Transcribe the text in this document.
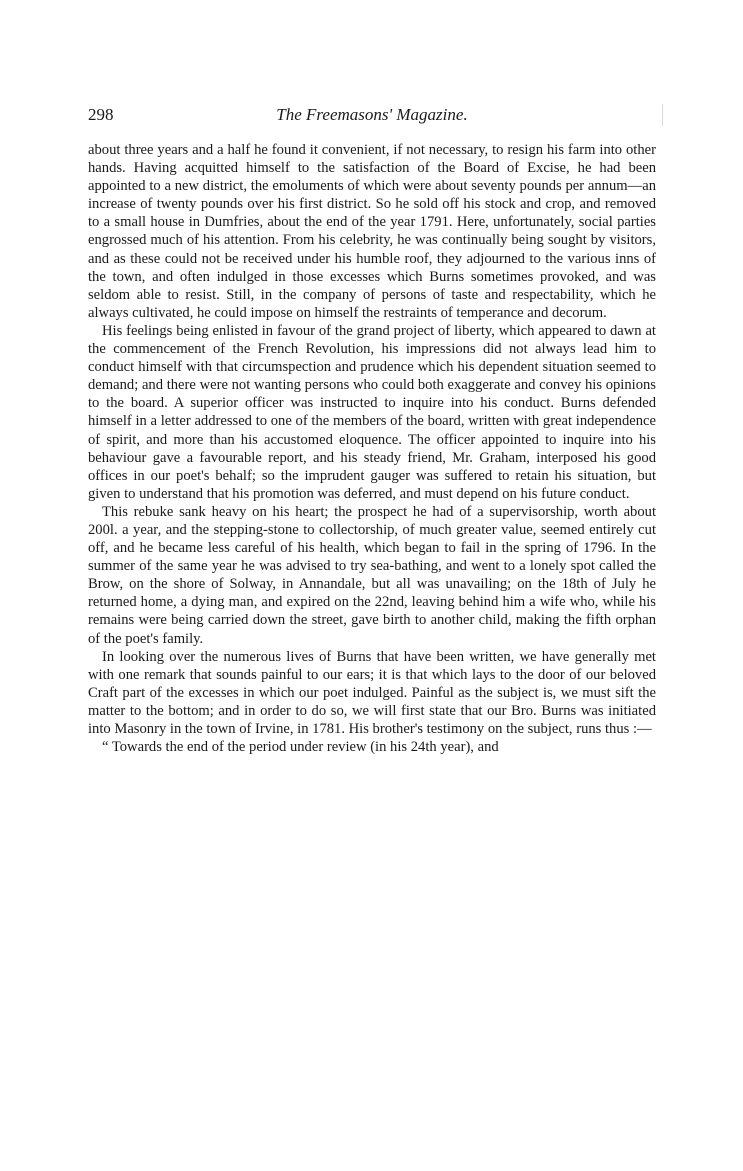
298	The Freemasons' Magazine.

about three years and a half he found it convenient, if not necessary, to resign his farm into other hands. Having acquitted himself to the satisfaction of the Board of Excise, he had been appointed to a new district, the emoluments of which were about seventy pounds per annum—an increase of twenty pounds over his first district. So he sold off his stock and crop, and removed to a small house in Dumfries, about the end of the year 1791. Here, unfortunately, social parties engrossed much of his attention. From his celebrity, he was continually being sought by visitors, and as these could not be received under his humble roof, they adjourned to the various inns of the town, and often indulged in those excesses which Burns sometimes provoked, and was seldom able to resist. Still, in the company of persons of taste and respectability, which he always cultivated, he could impose on himself the restraints of temperance and decorum.

His feelings being enlisted in favour of the grand project of liberty, which appeared to dawn at the commencement of the French Revolution, his impressions did not always lead him to conduct himself with that circumspection and prudence which his dependent situation seemed to demand; and there were not wanting persons who could both exaggerate and convey his opinions to the board. A superior officer was instructed to inquire into his conduct. Burns defended himself in a letter addressed to one of the members of the board, written with great independence of spirit, and more than his accustomed eloquence. The officer appointed to inquire into his behaviour gave a favourable report, and his steady friend, Mr. Graham, interposed his good offices in our poet's behalf; so the imprudent gauger was suffered to retain his situation, but given to understand that his promotion was deferred, and must depend on his future conduct.

This rebuke sank heavy on his heart; the prospect he had of a supervisorship, worth about 200l. a year, and the stepping-stone to collectorship, of much greater value, seemed entirely cut off, and he became less careful of his health, which began to fail in the spring of 1796. In the summer of the same year he was advised to try sea-bathing, and went to a lonely spot called the Brow, on the shore of Solway, in Annandale, but all was unavailing; on the 18th of July he returned home, a dying man, and expired on the 22nd, leaving behind him a wife who, while his remains were being carried down the street, gave birth to another child, making the fifth orphan of the poet's family.

In looking over the numerous lives of Burns that have been written, we have generally met with one remark that sounds painful to our ears; it is that which lays to the door of our beloved Craft part of the excesses in which our poet indulged. Painful as the subject is, we must sift the matter to the bottom; and in order to do so, we will first state that our Bro. Burns was initiated into Masonry in the town of Irvine, in 1781. His brother's testimony on the subject, runs thus :—

“ Towards the end of the period under review (in his 24th year), and
